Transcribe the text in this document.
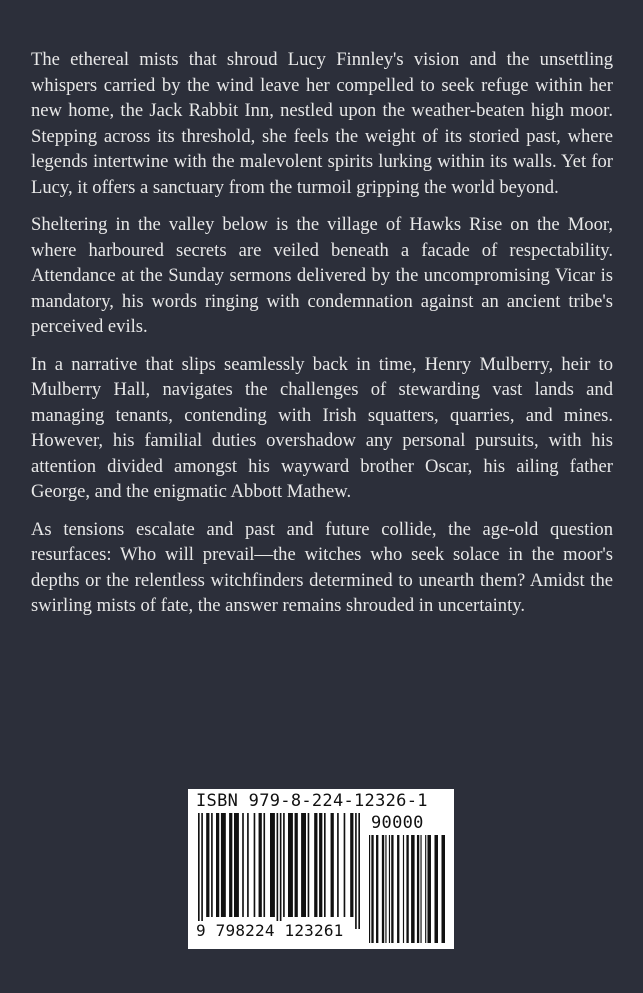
The ethereal mists that shroud Lucy Finnley's vision and the unsettling whispers carried by the wind leave her compelled to seek refuge within her new home, the Jack Rabbit Inn, nestled upon the weather-beaten high moor. Stepping across its threshold, she feels the weight of its storied past, where legends intertwine with the malevolent spirits lurking within its walls. Yet for Lucy, it offers a sanctuary from the turmoil gripping the world beyond.

Sheltering in the valley below is the village of Hawks Rise on the Moor, where harboured secrets are veiled beneath a facade of respectability. Attendance at the Sunday sermons delivered by the uncompromising Vicar is mandatory, his words ringing with condemnation against an ancient tribe's perceived evils.

In a narrative that slips seamlessly back in time, Henry Mulberry, heir to Mulberry Hall, navigates the challenges of stewarding vast lands and managing tenants, contending with Irish squatters, quarries, and mines. However, his familial duties overshadow any personal pursuits, with his attention divided amongst his wayward brother Oscar, his ailing father George, and the enigmatic Abbott Mathew.

As tensions escalate and past and future collide, the age-old question resurfaces: Who will prevail—the witches who seek solace in the moor's depths or the relentless witchfinders determined to unearth them? Amidst the swirling mists of fate, the answer remains shrouded in uncertainty.

ISBN 979-8-224-12326-1
90000
9 798224 123261
